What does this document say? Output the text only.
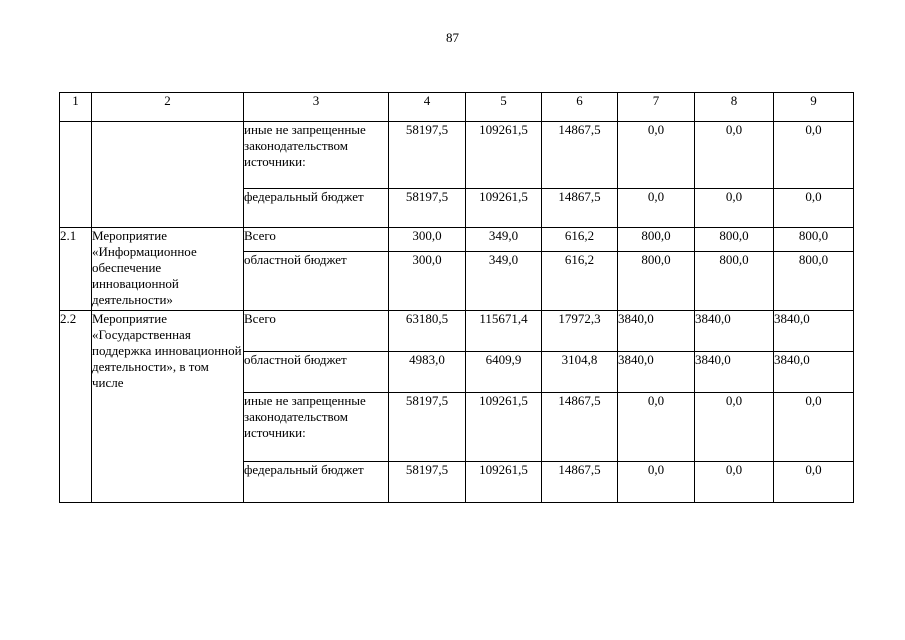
87
1	2	3	4	5	6	7	8	9
		иные не запрещенные законодательством источники:	58197,5	109261,5	14867,5	0,0	0,0	0,0
		федеральный бюджет	58197,5	109261,5	14867,5	0,0	0,0	0,0
2.1	Мероприятие «Информационное обеспечение инновационной деятельности»	Всего	300,0	349,0	616,2	800,0	800,0	800,0
		областной бюджет	300,0	349,0	616,2	800,0	800,0	800,0
2.2	Мероприятие «Государственная поддержка инновационной деятельности», в том числе	Всего	63180,5	115671,4	17972,3	3840,0	3840,0	3840,0
		областной бюджет	4983,0	6409,9	3104,8	3840,0	3840,0	3840,0
		иные не запрещенные законодательством источники:	58197,5	109261,5	14867,5	0,0	0,0	0,0
		федеральный бюджет	58197,5	109261,5	14867,5	0,0	0,0	0,0
